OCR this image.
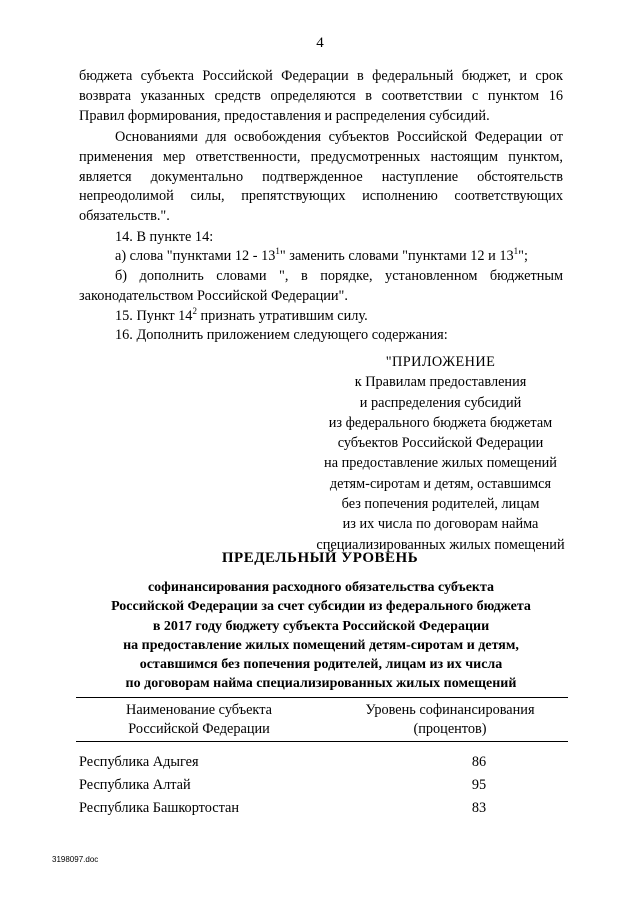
4
бюджета субъекта Российской Федерации в федеральный бюджет, и срок возврата указанных средств определяются в соответствии с пунктом 16 Правил формирования, предоставления и распределения субсидий.
Основаниями для освобождения субъектов Российской Федерации от применения мер ответственности, предусмотренных настоящим пунктом, является документально подтвержденное наступление обстоятельств непреодолимой силы, препятствующих исполнению соответствующих обязательств.".
14. В пункте 14:
а) слова "пунктами $12 - 13^1$" заменить словами "пунктами 12 и $13^1$";
б) дополнить словами ", в порядке, установленном бюджетным законодательством Российской Федерации".
15. Пункт $14^2$ признать утратившим силу.
16. Дополнить приложением следующего содержания:
"ПРИЛОЖЕНИЕ
к Правилам предоставления
и распределения субсидий
из федерального бюджета бюджетам
субъектов Российской Федерации
на предоставление жилых помещений
детям-сиротам и детям, оставшимся
без попечения родителей, лицам
из их числа по договорам найма
специализированных жилых помещений
ПРЕДЕЛЬНЫЙ УРОВЕНЬ
софинансирования расходного обязательства субъекта
Российской Федерации за счет субсидии из федерального бюджета
в 2017 году бюджету субъекта Российской Федерации
на предоставление жилых помещений детям-сиротам и детям,
оставшимся без попечения родителей, лицам из их числа
по договорам найма специализированных жилых помещений
Наименование субъекта
Российской Федерации
Уровень софинансирования
(процентов)
Республика Адыгея	86
Республика Алтай	95
Республика Башкортостан	83
3198097.doc
